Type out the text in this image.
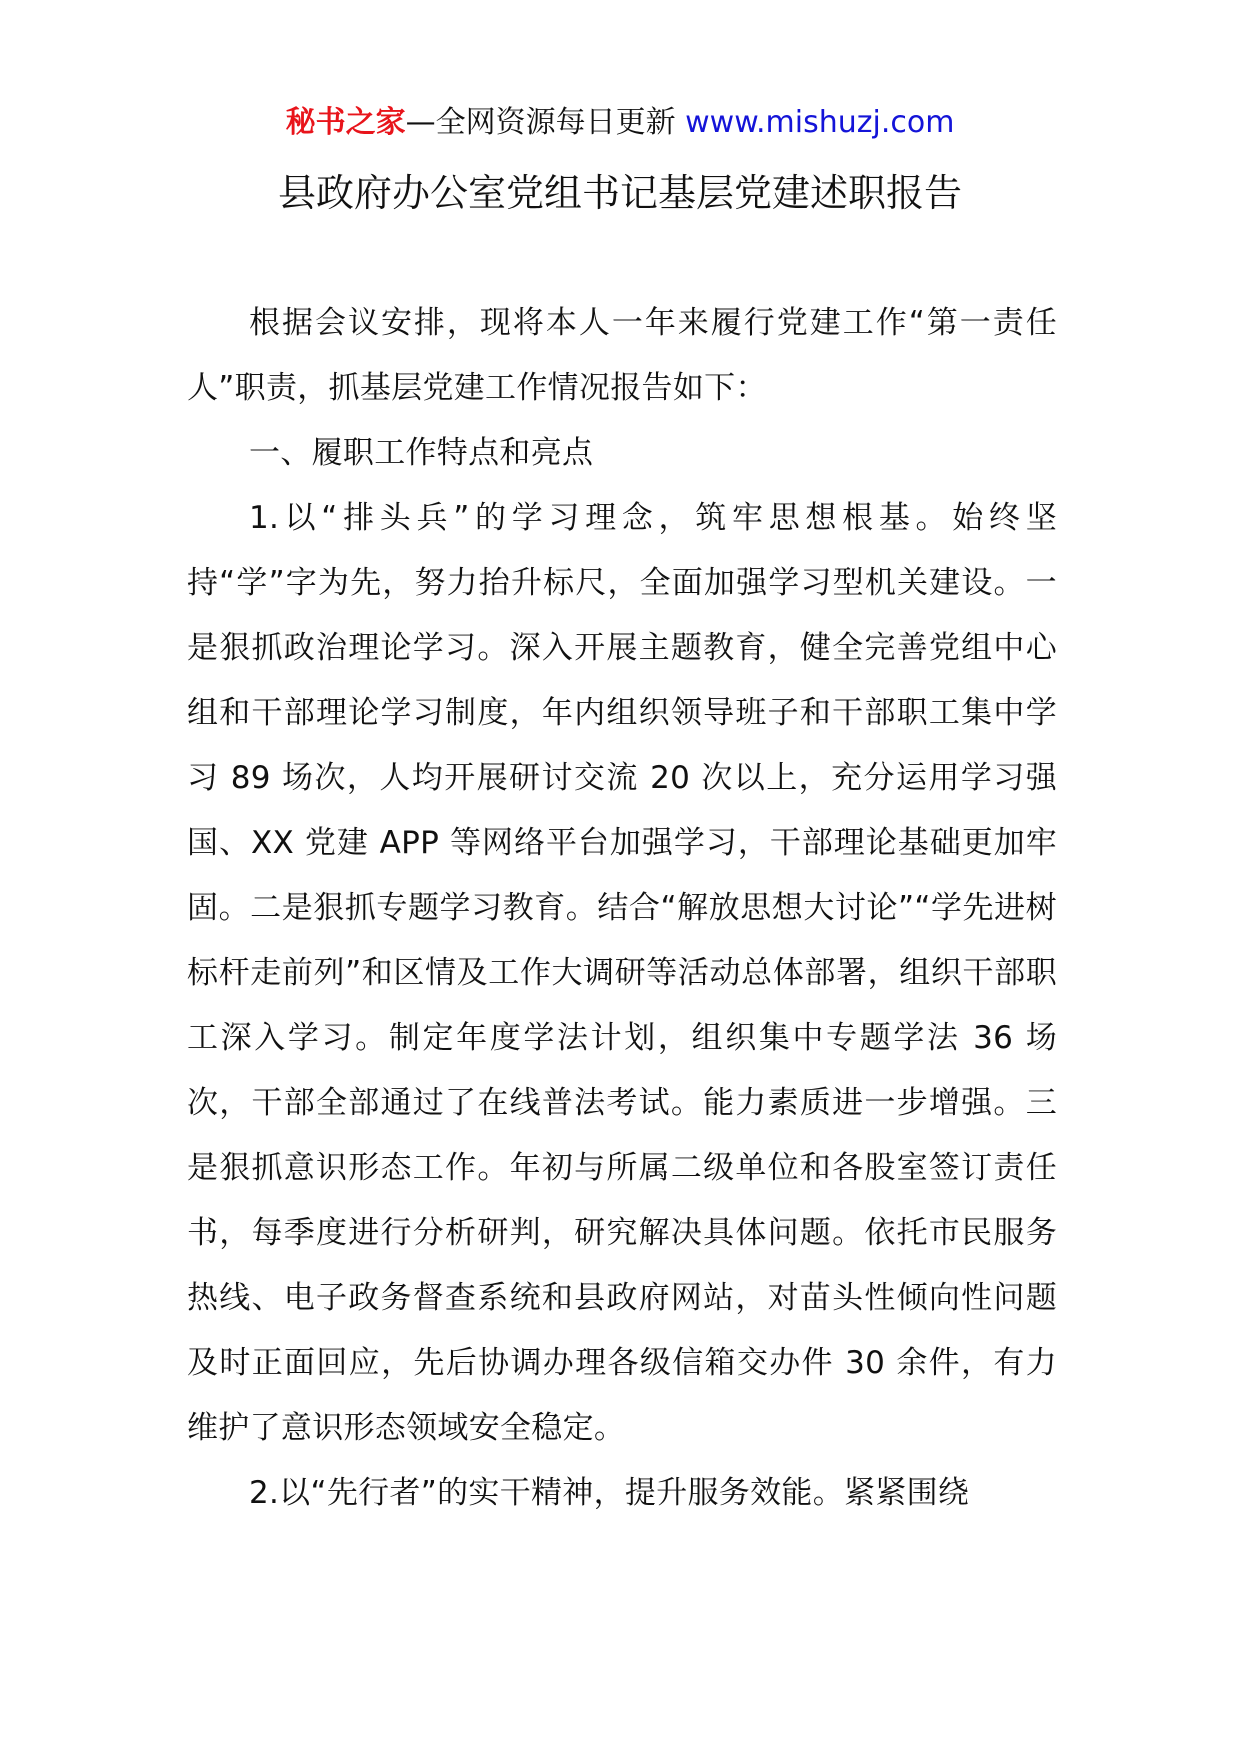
秘书之家—全网资源每日更新 www.mishuzj.com
县政府办公室党组书记基层党建述职报告

根据会议安排，现将本人一年来履行党建工作“第一责任人”职责，抓基层党建工作情况报告如下：

一、履职工作特点和亮点

1.以“排头兵”的学习理念，筑牢思想根基。始终坚持“学”字为先，努力抬升标尺，全面加强学习型机关建设。一是狠抓政治理论学习。深入开展主题教育，健全完善党组中心组和干部理论学习制度，年内组织领导班子和干部职工集中学习 89 场次，人均开展研讨交流 20 次以上，充分运用学习强国、XX 党建 APP 等网络平台加强学习，干部理论基础更加牢固。二是狠抓专题学习教育。结合“解放思想大讨论”“学先进树标杆走前列”和区情及工作大调研等活动总体部署，组织干部职工深入学习。制定年度学法计划，组织集中专题学法 36 场次，干部全部通过了在线普法考试。能力素质进一步增强。三是狠抓意识形态工作。年初与所属二级单位和各股室签订责任书，每季度进行分析研判，研究解决具体问题。依托市民服务热线、电子政务督查系统和县政府网站，对苗头性倾向性问题及时正面回应，先后协调办理各级信箱交办件 30 余件，有力维护了意识形态领域安全稳定。

2.以“先行者”的实干精神，提升服务效能。紧紧围绕
